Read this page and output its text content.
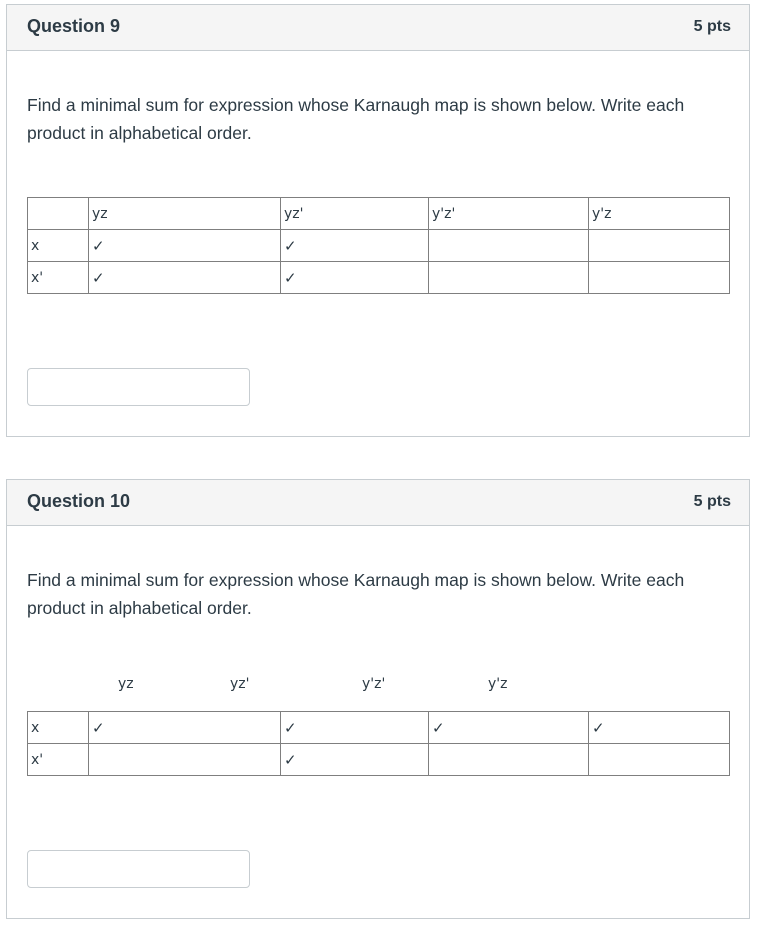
Question 9	5 pts
Find a minimal sum for expression whose Karnaugh map is shown below. Write each product in alphabetical order.
	yz	yz'	y'z'	y'z
x	✓	✓		
x'	✓	✓		
Question 10	5 pts
Find a minimal sum for expression whose Karnaugh map is shown below. Write each product in alphabetical order.
yz	yz'	y'z'	y'z
x	✓	✓	✓	✓
x'		✓		
